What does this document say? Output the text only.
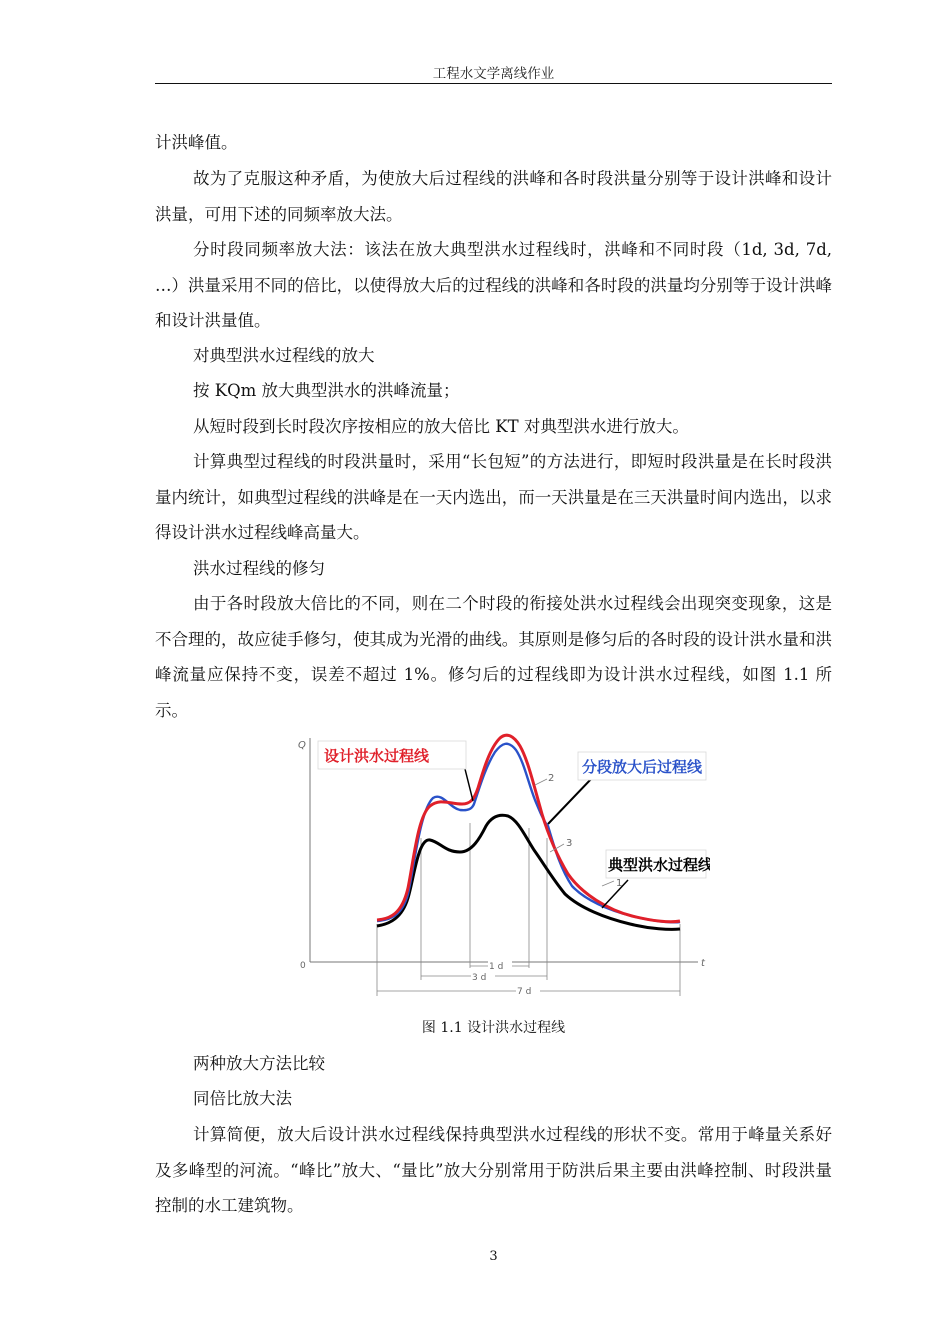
工程水文学离线作业

计洪峰值。

故为了克服这种矛盾，为使放大后过程线的洪峰和各时段洪量分别等于设计洪峰和设计洪量，可用下述的同频率放大法。

分时段同频率放大法：该法在放大典型洪水过程线时，洪峰和不同时段（1d, 3d, 7d, …）洪量采用不同的倍比，以使得放大后的过程线的洪峰和各时段的洪量均分别等于设计洪峰和设计洪量值。

对典型洪水过程线的放大

按 KQm 放大典型洪水的洪峰流量；

从短时段到长时段次序按相应的放大倍比 KT 对典型洪水进行放大。

计算典型过程线的时段洪量时，采用“长包短”的方法进行，即短时段洪量是在长时段洪量内统计，如典型过程线的洪峰是在一天内选出，而一天洪量是在三天洪量时间内选出，以求得设计洪水过程线峰高量大。

洪水过程线的修匀

由于各时段放大倍比的不同，则在二个时段的衔接处洪水过程线会出现突变现象，这是不合理的，故应徒手修匀，使其成为光滑的曲线。其原则是修匀后的各时段的设计洪水量和洪峰流量应保持不变，误差不超过 1%。修匀后的过程线即为设计洪水过程线，如图 1.1 所示。

Q
t
0	1 d
3 d
7 d
2
3
1
设计洪水过程线
分段放大后过程线
典型洪水过程线
图 1.1 设计洪水过程线

两种放大方法比较

同倍比放大法

计算简便，放大后设计洪水过程线保持典型洪水过程线的形状不变。常用于峰量关系好及多峰型的河流。“峰比”放大、“量比”放大分别常用于防洪后果主要由洪峰控制、时段洪量控制的水工建筑物。

3
